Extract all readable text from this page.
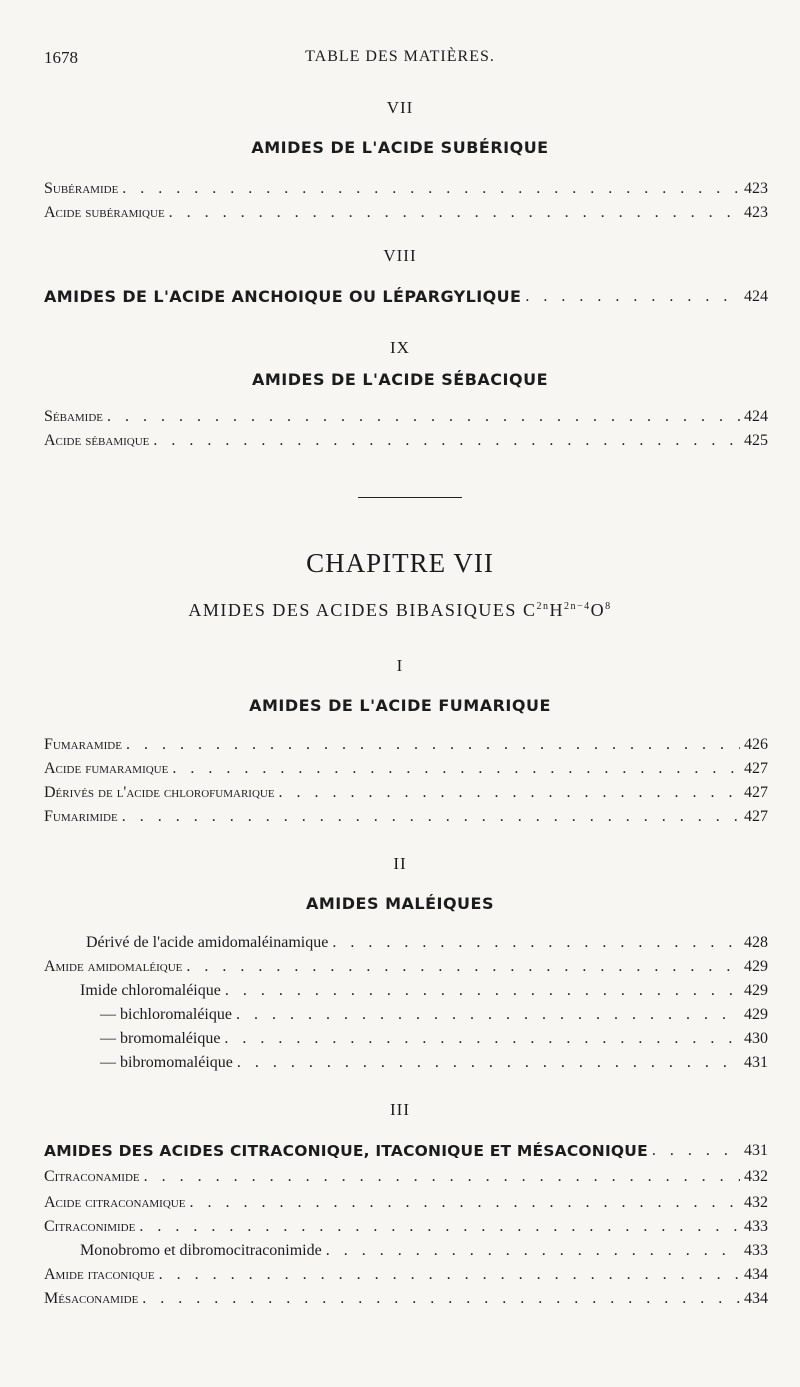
1678	TABLE DES MATIÈRES.
VII
AMIDES DE L'ACIDE SUBÉRIQUE
Subéramide . . .	423
Acide subéramique . . .	423
VIII
AMIDES DE L'ACIDE ANCHOIQUE OU LÉPARGYLIQUE . . .	424
IX
AMIDES DE L'ACIDE SÉBACIQUE
Sébamide . . .	424
Acide sébamique . . .	425
CHAPITRE VII
AMIDES DES ACIDES BIBASIQUES $C^{2n}H^{2n-4}O^8$
I
AMIDES DE L'ACIDE FUMARIQUE
Fumaramide . . .	426
Acide fumaramique . . .	427
Dérivés de l'acide chlorofumarique . . .	427
Fumarimide . . .	427
II
AMIDES MALÉIQUES
Dérivé de l'acide amidomaléinamique . . .	428
Amide amidomaléique . . .	429
Imide chloromaléique . . .	429
— bichloromaléique . . .	429
— bromomaléique . . .	430
— bibromomaléique . . .	431
III
AMIDES DES ACIDES CITRACONIQUE, ITACONIQUE ET MÉSACONIQUE . . .	431
Citraconamide . . .	432
Acide citraconamique . . .	432
Citraconimide . . .	433
Monobromo et dibromocitraconimide . . .	433
Amide itaconique . . .	434
Mésaconamide . . .	434
